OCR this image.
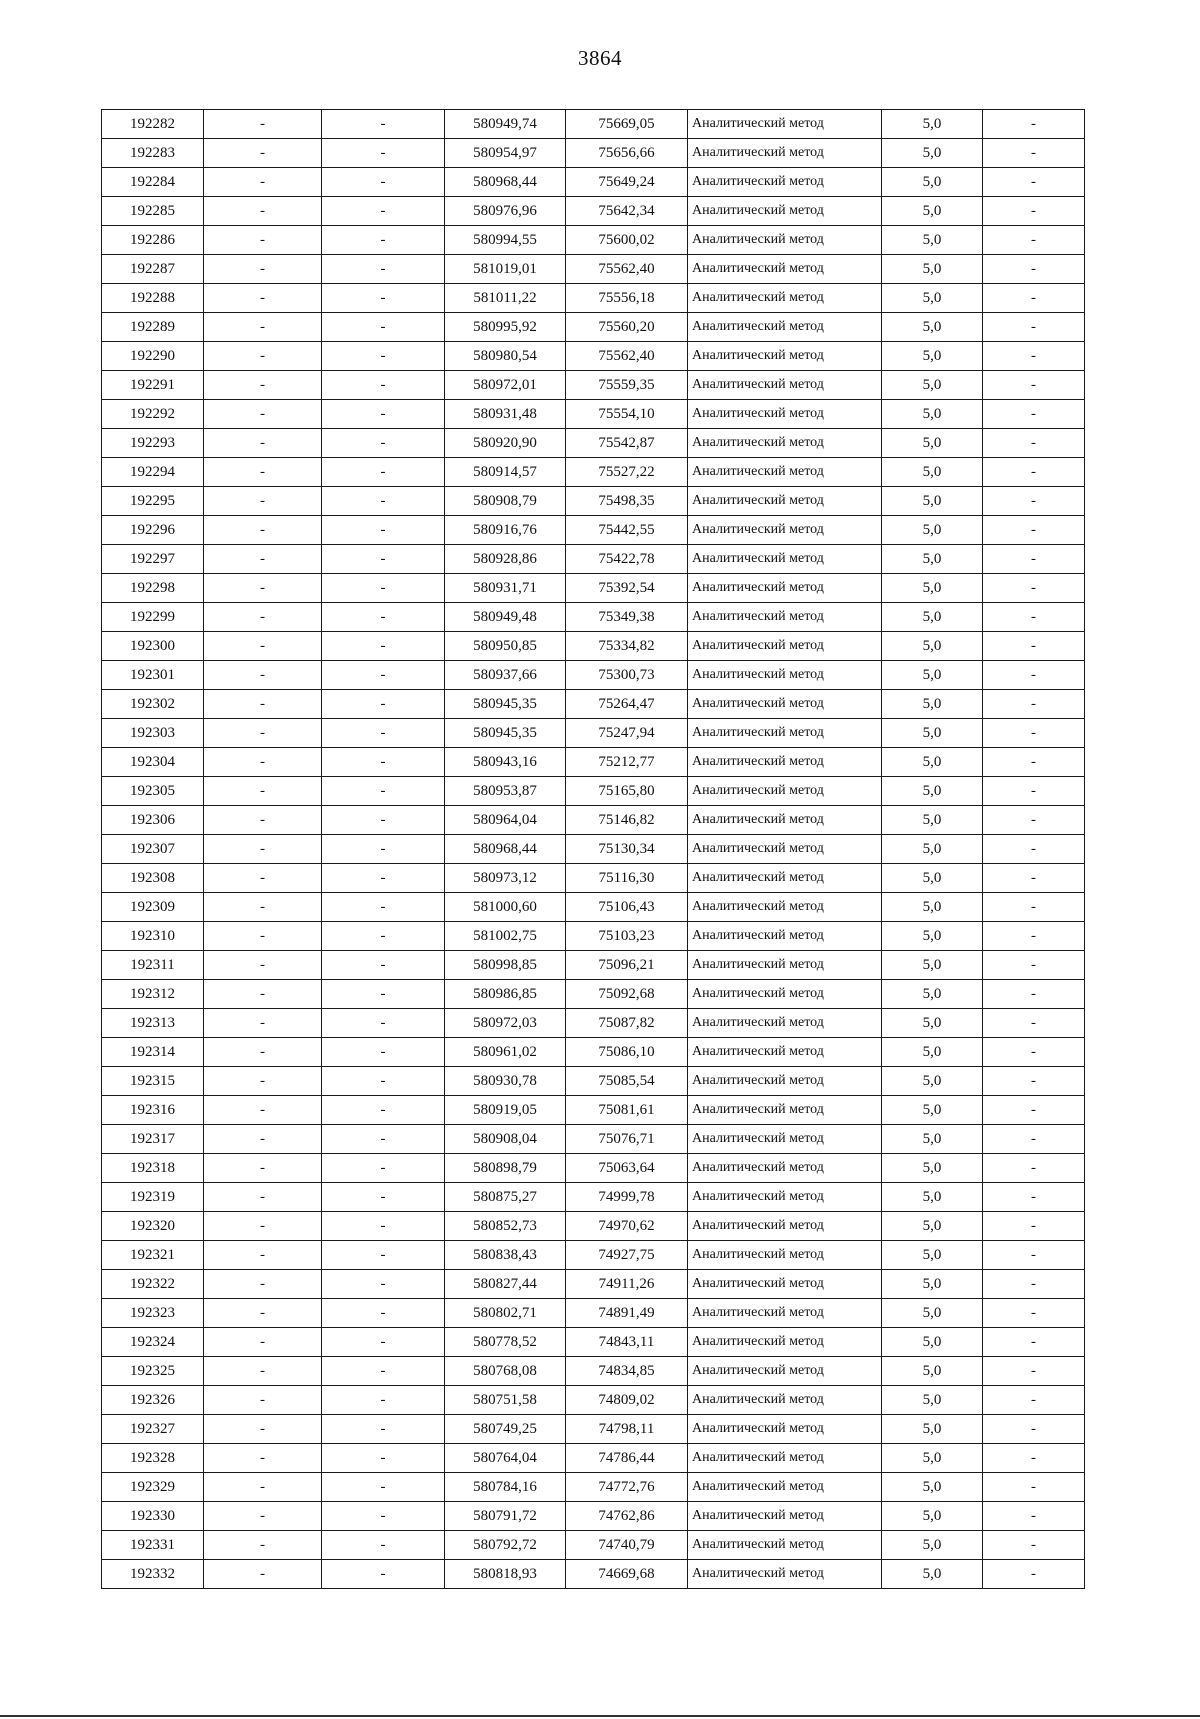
3864
192282	-	-	580949,74	75669,05	Аналитический метод	5,0	-
192283	-	-	580954,97	75656,66	Аналитический метод	5,0	-
192284	-	-	580968,44	75649,24	Аналитический метод	5,0	-
192285	-	-	580976,96	75642,34	Аналитический метод	5,0	-
192286	-	-	580994,55	75600,02	Аналитический метод	5,0	-
192287	-	-	581019,01	75562,40	Аналитический метод	5,0	-
192288	-	-	581011,22	75556,18	Аналитический метод	5,0	-
192289	-	-	580995,92	75560,20	Аналитический метод	5,0	-
192290	-	-	580980,54	75562,40	Аналитический метод	5,0	-
192291	-	-	580972,01	75559,35	Аналитический метод	5,0	-
192292	-	-	580931,48	75554,10	Аналитический метод	5,0	-
192293	-	-	580920,90	75542,87	Аналитический метод	5,0	-
192294	-	-	580914,57	75527,22	Аналитический метод	5,0	-
192295	-	-	580908,79	75498,35	Аналитический метод	5,0	-
192296	-	-	580916,76	75442,55	Аналитический метод	5,0	-
192297	-	-	580928,86	75422,78	Аналитический метод	5,0	-
192298	-	-	580931,71	75392,54	Аналитический метод	5,0	-
192299	-	-	580949,48	75349,38	Аналитический метод	5,0	-
192300	-	-	580950,85	75334,82	Аналитический метод	5,0	-
192301	-	-	580937,66	75300,73	Аналитический метод	5,0	-
192302	-	-	580945,35	75264,47	Аналитический метод	5,0	-
192303	-	-	580945,35	75247,94	Аналитический метод	5,0	-
192304	-	-	580943,16	75212,77	Аналитический метод	5,0	-
192305	-	-	580953,87	75165,80	Аналитический метод	5,0	-
192306	-	-	580964,04	75146,82	Аналитический метод	5,0	-
192307	-	-	580968,44	75130,34	Аналитический метод	5,0	-
192308	-	-	580973,12	75116,30	Аналитический метод	5,0	-
192309	-	-	581000,60	75106,43	Аналитический метод	5,0	-
192310	-	-	581002,75	75103,23	Аналитический метод	5,0	-
192311	-	-	580998,85	75096,21	Аналитический метод	5,0	-
192312	-	-	580986,85	75092,68	Аналитический метод	5,0	-
192313	-	-	580972,03	75087,82	Аналитический метод	5,0	-
192314	-	-	580961,02	75086,10	Аналитический метод	5,0	-
192315	-	-	580930,78	75085,54	Аналитический метод	5,0	-
192316	-	-	580919,05	75081,61	Аналитический метод	5,0	-
192317	-	-	580908,04	75076,71	Аналитический метод	5,0	-
192318	-	-	580898,79	75063,64	Аналитический метод	5,0	-
192319	-	-	580875,27	74999,78	Аналитический метод	5,0	-
192320	-	-	580852,73	74970,62	Аналитический метод	5,0	-
192321	-	-	580838,43	74927,75	Аналитический метод	5,0	-
192322	-	-	580827,44	74911,26	Аналитический метод	5,0	-
192323	-	-	580802,71	74891,49	Аналитический метод	5,0	-
192324	-	-	580778,52	74843,11	Аналитический метод	5,0	-
192325	-	-	580768,08	74834,85	Аналитический метод	5,0	-
192326	-	-	580751,58	74809,02	Аналитический метод	5,0	-
192327	-	-	580749,25	74798,11	Аналитический метод	5,0	-
192328	-	-	580764,04	74786,44	Аналитический метод	5,0	-
192329	-	-	580784,16	74772,76	Аналитический метод	5,0	-
192330	-	-	580791,72	74762,86	Аналитический метод	5,0	-
192331	-	-	580792,72	74740,79	Аналитический метод	5,0	-
192332	-	-	580818,93	74669,68	Аналитический метод	5,0	-
